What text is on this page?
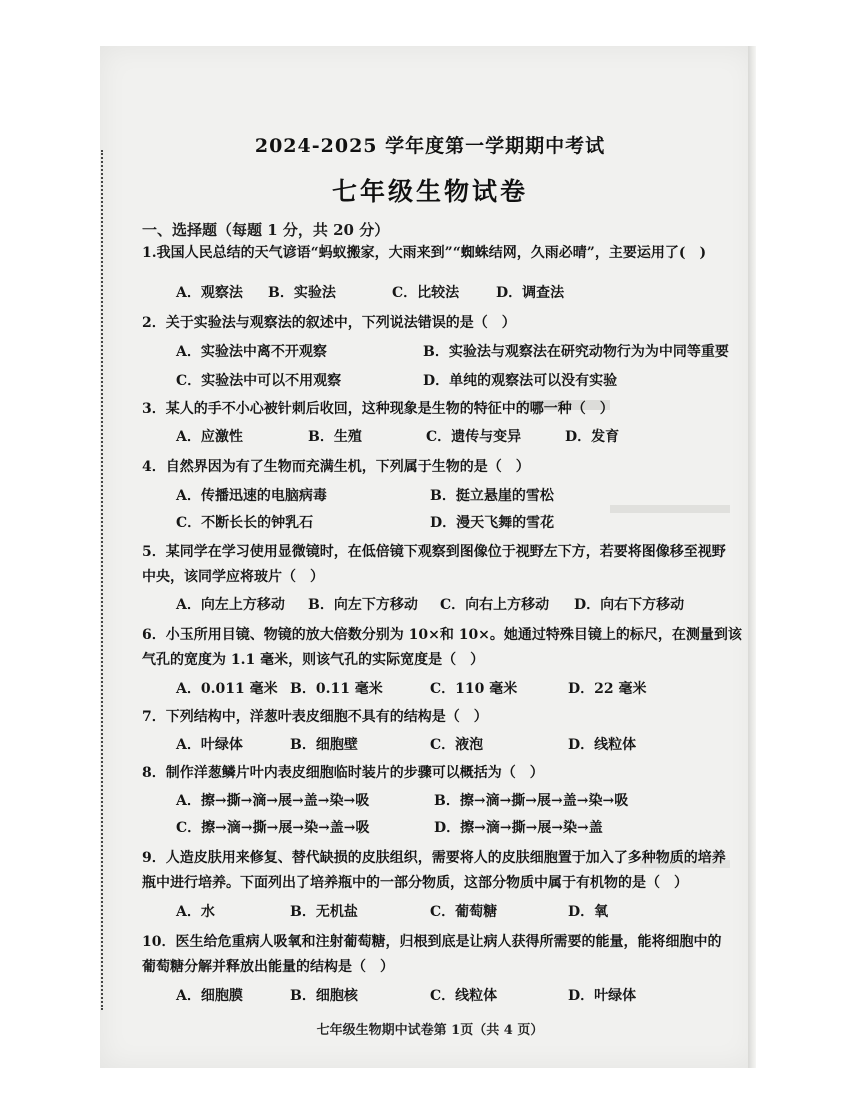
2024-2025 学年度第一学期期中考试
七年级生物试卷
一、选择题（每题 1 分，共 20 分）
1.我国人民总结的天气谚语“蚂蚁搬家，大雨来到”“蜘蛛结网，久雨必晴”，主要运用了(　)
A．观察法 B．实验法	C．比较法	D．调查法
2．关于实验法与观察法的叙述中，下列说法错误的是（　）
A．实验法中离不开观察	B．实验法与观察法在研究动物行为为中同等重要
C．实验法中可以不用观察	D．单纯的观察法可以没有实验
3．某人的手不小心被针刺后收回，这种现象是生物的特征中的哪一种（　）
A．应激性	B．生殖	C．遗传与变异	D．发育
4．自然界因为有了生物而充满生机，下列属于生物的是（　）
A．传播迅速的电脑病毒	B．挺立悬崖的雪松
C．不断长长的钟乳石	D．漫天飞舞的雪花
5．某同学在学习使用显微镜时，在低倍镜下观察到图像位于视野左下方，若要将图像移至视野
中央，该同学应将玻片（　）
A．向左上方移动 B．向左下方移动 C．向右上方移动 D．向右下方移动
6．小玉所用目镜、物镜的放大倍数分别为 10×和 10×。她通过特殊目镜上的标尺，在测量到该
气孔的宽度为 1.1 毫米，则该气孔的实际宽度是（　）
A．0.011 毫米 B．0.11 毫米	C．110 毫米	D．22 毫米
7．下列结构中，洋葱叶表皮细胞不具有的结构是（　）
A．叶绿体	B．细胞壁	C．液泡	D．线粒体
8．制作洋葱鳞片叶内表皮细胞临时装片的步骤可以概括为（　）
A．擦→撕→滴→展→盖→染→吸	B．擦→滴→撕→展→盖→染→吸
C．擦→滴→撕→展→染→盖→吸	D．擦→滴→撕→展→染→盖
9．人造皮肤用来修复、替代缺损的皮肤组织，需要将人的皮肤细胞置于加入了多种物质的培养
瓶中进行培养。下面列出了培养瓶中的一部分物质，这部分物质中属于有机物的是（　）
A．水	B．无机盐	C．葡萄糖	D．氧
10．医生给危重病人吸氧和注射葡萄糖，归根到底是让病人获得所需要的能量，能将细胞中的
葡萄糖分解并释放出能量的结构是（　）
A．细胞膜	B．细胞核	C．线粒体	D．叶绿体
七年级生物期中试卷第 1页（共 4 页）
